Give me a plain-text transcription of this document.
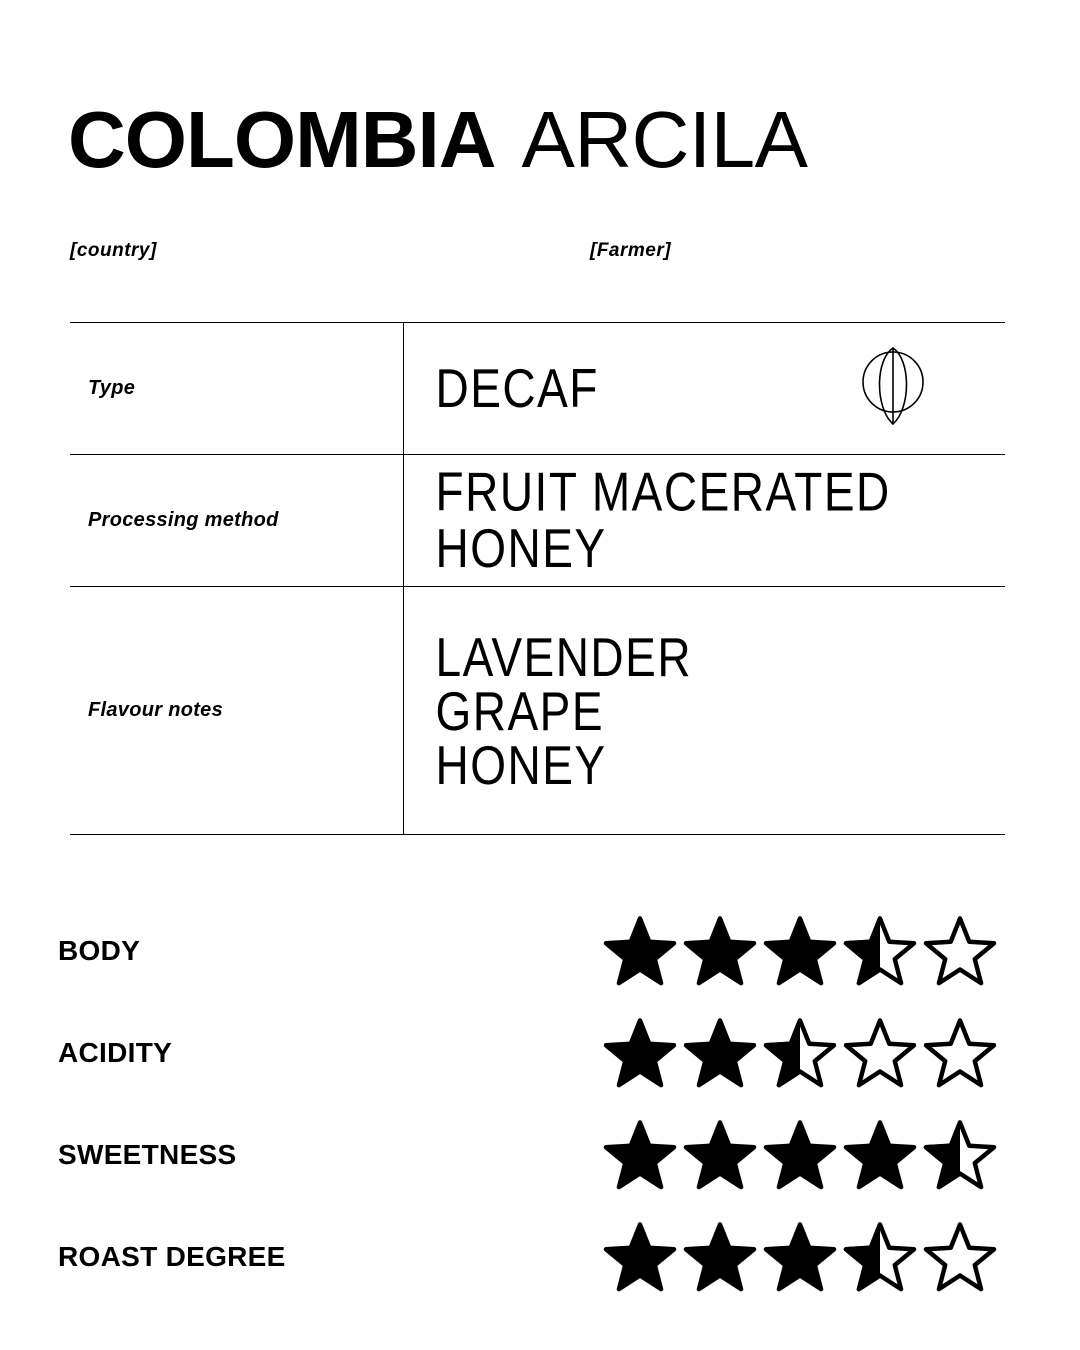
COLOMBIA ARCILA
[country]	[Farmer]
Type	DECAF

Processing method	FRUIT MACERATED HONEY
Flavour notes	LAVENDER
GRAPE
HONEY
BODY
ACIDITY
SWEETNESS
ROAST DEGREE
